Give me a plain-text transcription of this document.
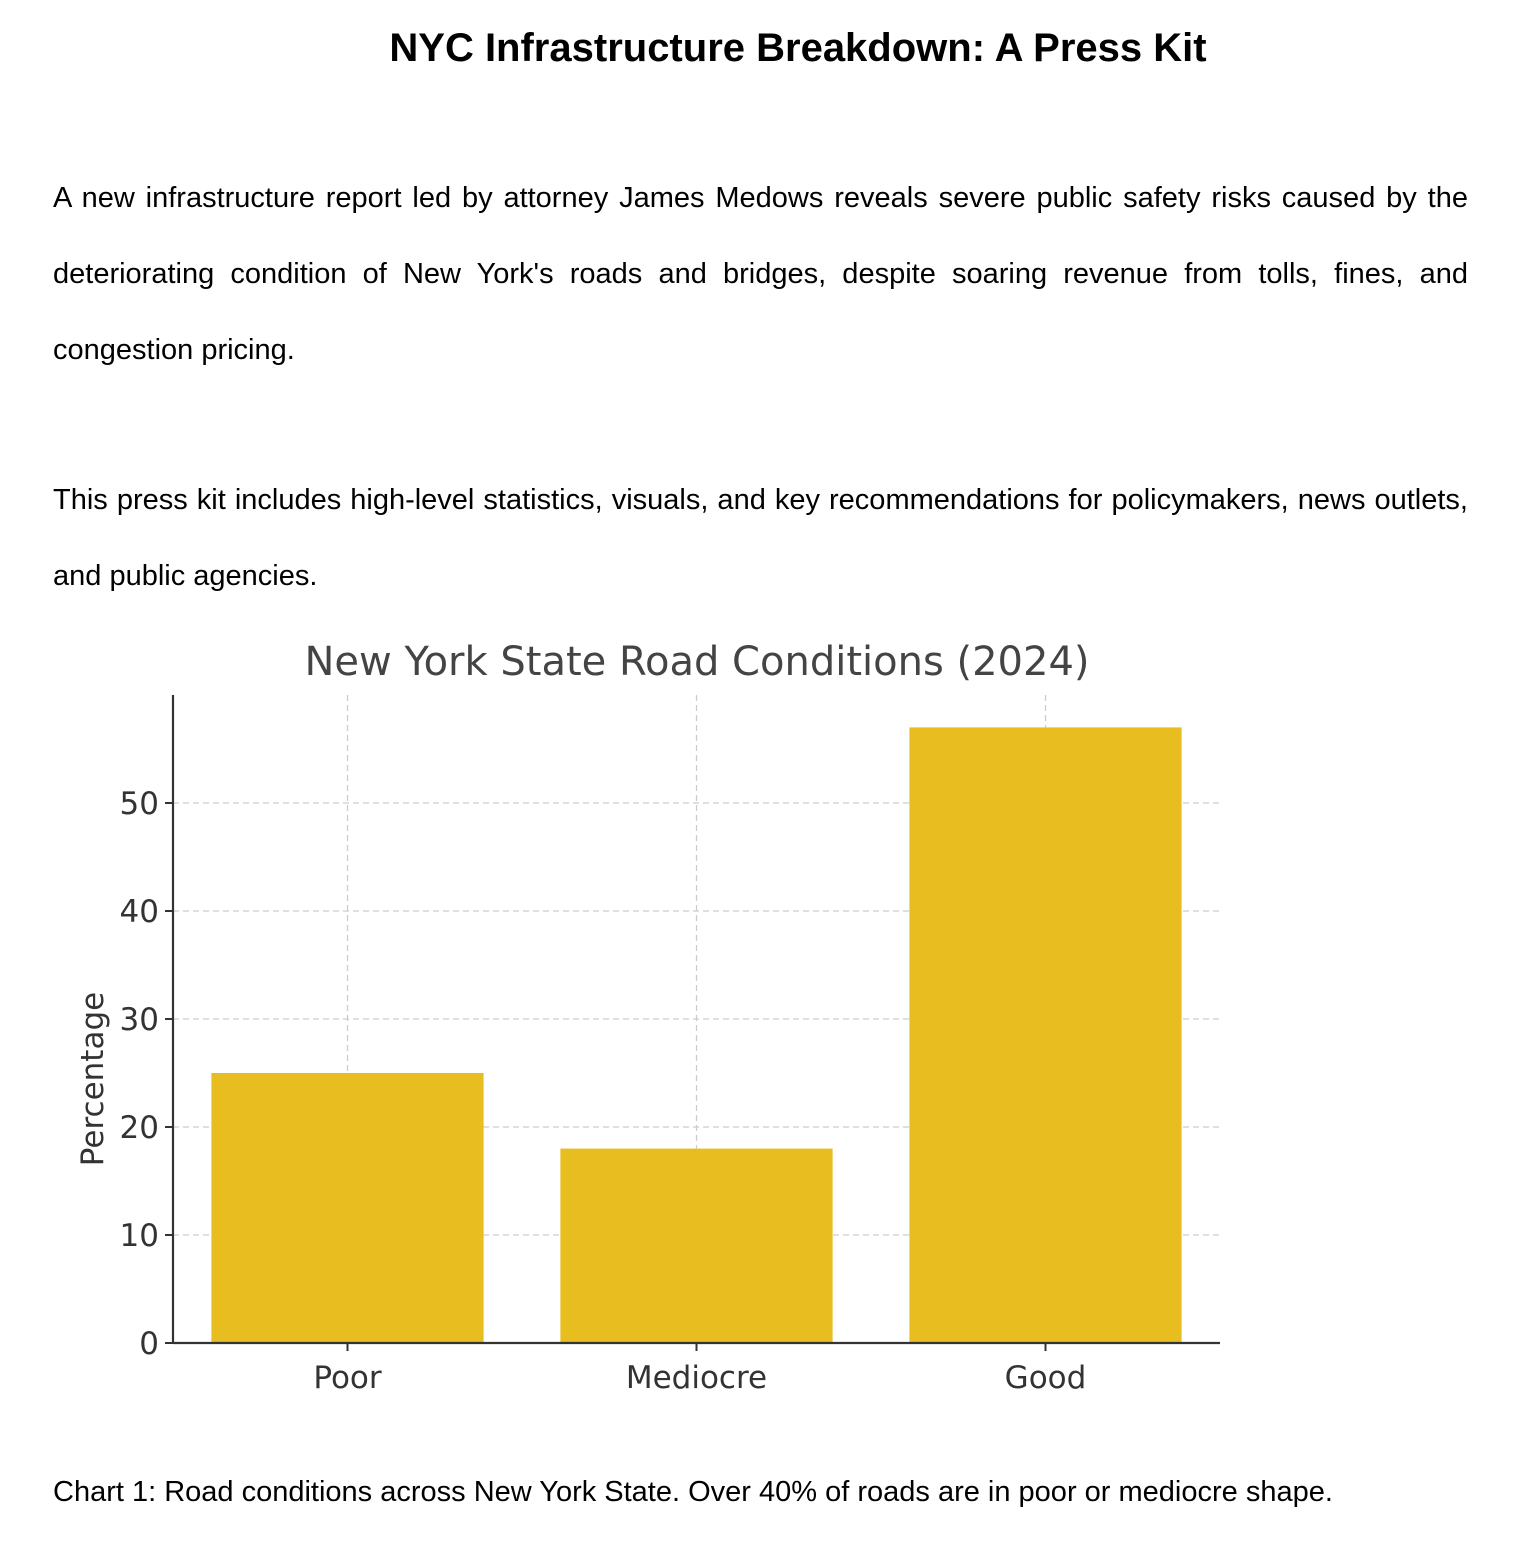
NYC Infrastructure Breakdown: A Press Kit

A new infrastructure report led by attorney James Medows reveals severe public safety risks caused by the deteriorating condition of New York's roads and bridges, despite soaring revenue from tolls, fines, and congestion pricing.

This press kit includes high-level statistics, visuals, and key recommendations for policymakers, news outlets, and public agencies.

New York State Road Conditions (2024)
0
10
20
30
40
50
Poor	Mediocre	Good
Percentage

Chart 1: Road conditions across New York State. Over 40% of roads are in poor or mediocre shape.
